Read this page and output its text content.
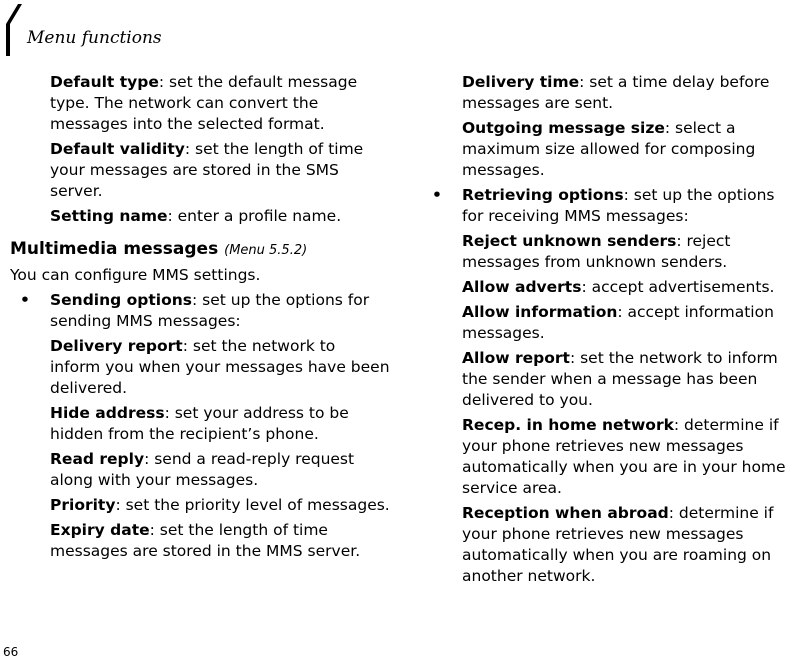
Menu functions
Default type: set the default message type. The network can convert the messages into the selected format.
Default validity: set the length of time your messages are stored in the SMS server.
Setting name: enter a profile name.
Multimedia messages (Menu 5.5.2)
You can configure MMS settings.
• Sending options: set up the options for sending MMS messages:
Delivery report: set the network to inform you when your messages have been delivered.
Hide address: set your address to be hidden from the recipient’s phone.
Read reply: send a read-reply request along with your messages.
Priority: set the priority level of messages.
Expiry date: set the length of time messages are stored in the MMS server.
Delivery time: set a time delay before messages are sent.
Outgoing message size: select a maximum size allowed for composing messages.
• Retrieving options: set up the options for receiving MMS messages:
Reject unknown senders: reject messages from unknown senders.
Allow adverts: accept advertisements.
Allow information: accept information messages.
Allow report: set the network to inform the sender when a message has been delivered to you.
Recep. in home network: determine if your phone retrieves new messages automatically when you are in your home service area.
Reception when abroad: determine if your phone retrieves new messages automatically when you are roaming on another network.
66
